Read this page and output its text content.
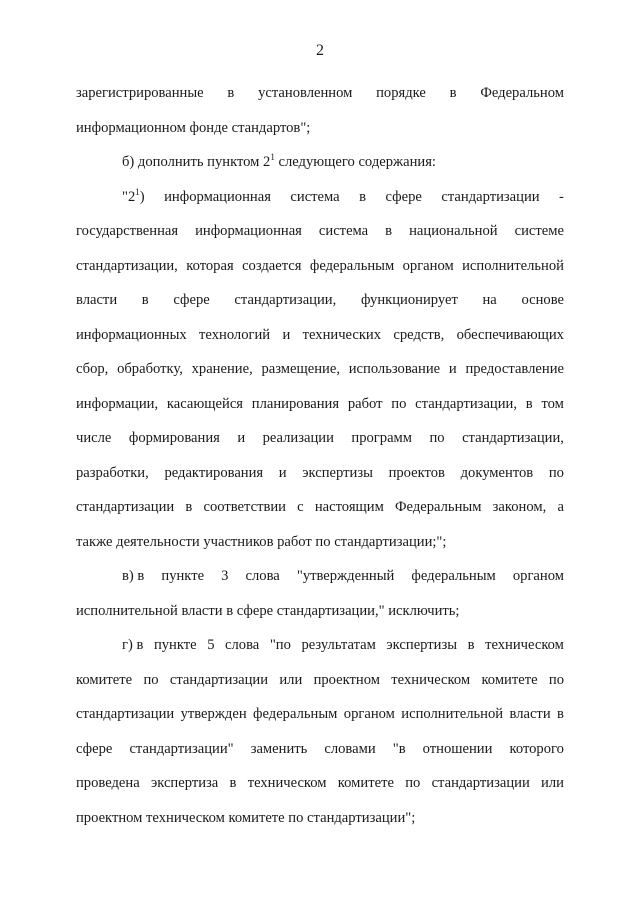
2
зарегистрированные в установленном порядке в Федеральном
информационном фонде стандартов";
б) дополнить пунктом $2^1$ следующего содержания:
"$2^1$) информационная система в сфере стандартизации -
государственная информационная система в национальной системе
стандартизации, которая создается федеральным органом исполнительной
власти в сфере стандартизации, функционирует на основе
информационных технологий и технических средств, обеспечивающих
сбор, обработку, хранение, размещение, использование и предоставление
информации, касающейся планирования работ по стандартизации, в том
числе формирования и реализации программ по стандартизации,
разработки, редактирования и экспертизы проектов документов по
стандартизации в соответствии с настоящим Федеральным законом, а
также деятельности участников работ по стандартизации;";
в) в пункте 3 слова "утвержденный федеральным органом
исполнительной власти в сфере стандартизации," исключить;
г) в пункте 5 слова "по результатам экспертизы в техническом
комитете по стандартизации или проектном техническом комитете по
стандартизации утвержден федеральным органом исполнительной власти в
сфере стандартизации" заменить словами "в отношении которого
проведена экспертиза в техническом комитете по стандартизации или
проектном техническом комитете по стандартизации";
